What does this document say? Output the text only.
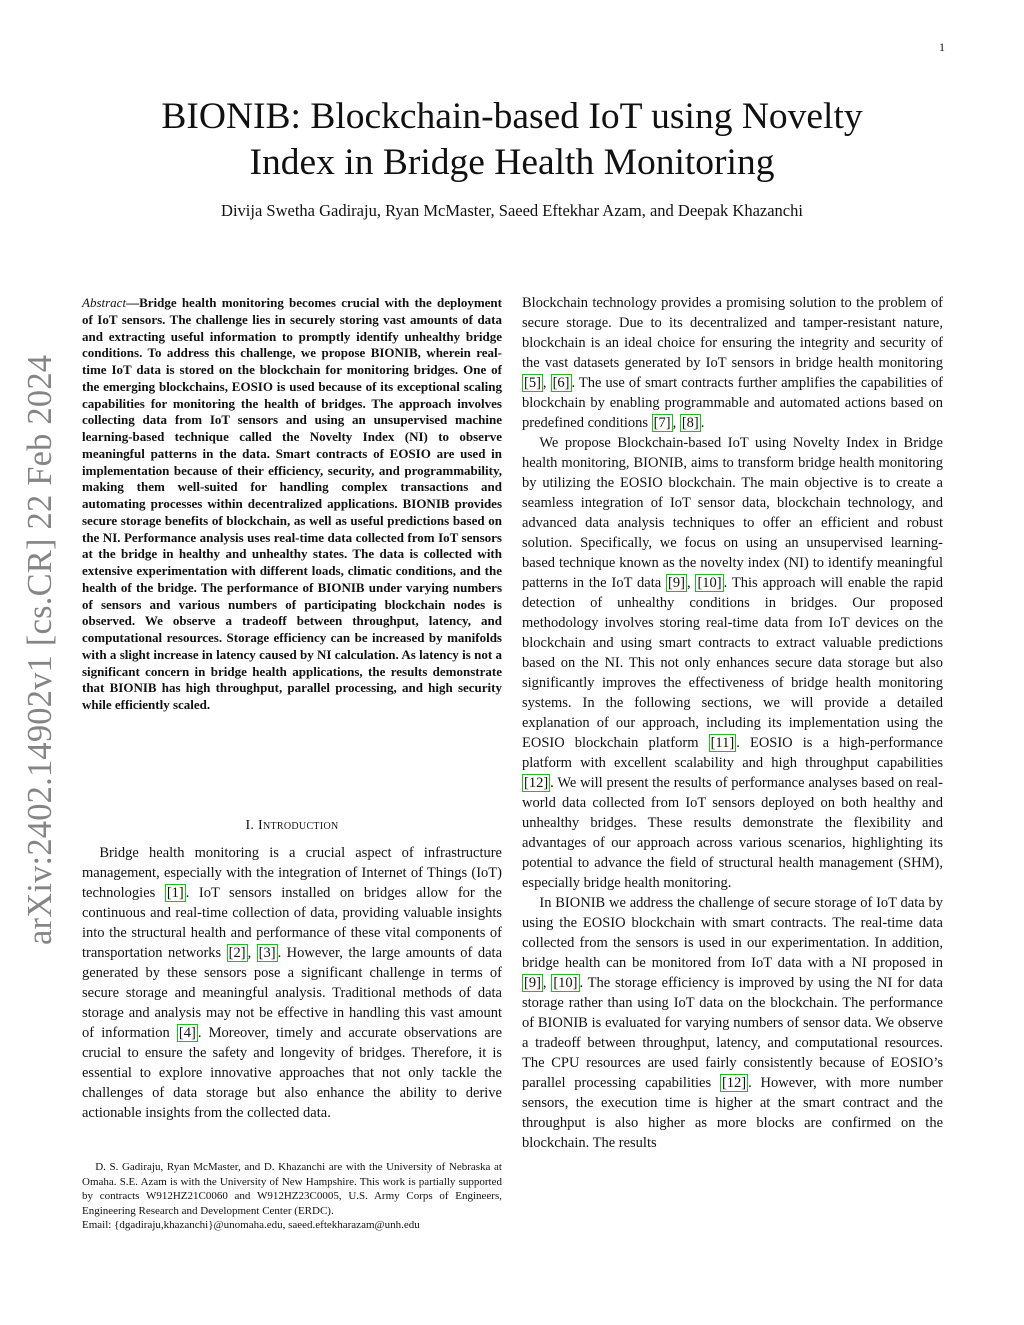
1
arXiv:2402.14902v1 [cs.CR] 22 Feb 2024
BIONIB: Blockchain-based IoT using Novelty
Index in Bridge Health Monitoring
Divija Swetha Gadiraju, Ryan McMaster, Saeed Eftekhar Azam, and Deepak Khazanchi
Abstract—Bridge health monitoring becomes crucial with the deployment of IoT sensors. The challenge lies in securely storing vast amounts of data and extracting useful information to promptly identify unhealthy bridge conditions. To address this challenge, we propose BIONIB, wherein real-time IoT data is stored on the blockchain for monitoring bridges. One of the emerging blockchains, EOSIO is used because of its exceptional scaling capabilities for monitoring the health of bridges. The approach involves collecting data from IoT sensors and using an unsupervised machine learning-based technique called the Novelty Index (NI) to observe meaningful patterns in the data. Smart contracts of EOSIO are used in implementation because of their efficiency, security, and programmability, making them well-suited for handling complex transactions and automating processes within decentralized applications. BIONIB provides secure storage benefits of blockchain, as well as useful predictions based on the NI. Performance analysis uses real-time data collected from IoT sensors at the bridge in healthy and unhealthy states. The data is collected with extensive experimentation with different loads, climatic conditions, and the health of the bridge. The performance of BIONIB under varying numbers of sensors and various numbers of participating blockchain nodes is observed. We observe a tradeoff between throughput, latency, and computational resources. Storage efficiency can be increased by manifolds with a slight increase in latency caused by NI calculation. As latency is not a significant concern in bridge health applications, the results demonstrate that BIONIB has high throughput, parallel processing, and high security while efficiently scaled.
I. Introduction

Bridge health monitoring is a crucial aspect of infrastructure management, especially with the integration of Internet of Things (IoT) technologies [1] . IoT sensors installed on bridges allow for the continuous and real-time collection of data, providing valuable insights into the structural health and performance of these vital components of transportation networks [2] , [3] . However, the large amounts of data generated by these sensors pose a significant challenge in terms of secure storage and meaningful analysis. Traditional methods of data storage and analysis may not be effective in handling this vast amount of information [4] . Moreover, timely and accurate observations are crucial to ensure the safety and longevity of bridges. Therefore, it is essential to explore innovative approaches that not only tackle the challenges of data storage but also enhance the ability to derive actionable insights from the collected data.

D. S. Gadiraju, Ryan McMaster, and D. Khazanchi are with the University of Nebraska at Omaha. S.E. Azam is with the University of New Hampshire. This work is partially supported by contracts W912HZ21C0060 and W912HZ23C0005, U.S. Army Corps of Engineers, Engineering Research and Development Center (ERDC).

Email: {dgadiraju,khazanchi}@unomaha.edu, saeed.eftekharazam@unh.edu

Blockchain technology provides a promising solution to the problem of secure storage. Due to its decentralized and tamper-resistant nature, blockchain is an ideal choice for ensuring the integrity and security of the vast datasets generated by IoT sensors in bridge health monitoring [5] , [6] . The use of smart contracts further amplifies the capabilities of blockchain by enabling programmable and automated actions based on predefined conditions [7] , [8] .

We propose Blockchain-based IoT using Novelty Index in Bridge health monitoring, BIONIB, aims to transform bridge health monitoring by utilizing the EOSIO blockchain. The main objective is to create a seamless integration of IoT sensor data, blockchain technology, and advanced data analysis techniques to offer an efficient and robust solution. Specifically, we focus on using an unsupervised learning-based technique known as the novelty index (NI) to identify meaningful patterns in the IoT data [9] , [10] . This approach will enable the rapid detection of unhealthy conditions in bridges. Our proposed methodology involves storing real-time data from IoT devices on the blockchain and using smart contracts to extract valuable predictions based on the NI. This not only enhances secure data storage but also significantly improves the effectiveness of bridge health monitoring systems. In the following sections, we will provide a detailed explanation of our approach, including its implementation using the EOSIO blockchain platform [11] . EOSIO is a high-performance platform with excellent scalability and high throughput capabilities [12] . We will present the results of performance analyses based on real-world data collected from IoT sensors deployed on both healthy and unhealthy bridges. These results demonstrate the flexibility and advantages of our approach across various scenarios, highlighting its potential to advance the field of structural health management (SHM), especially bridge health monitoring.

In BIONIB we address the challenge of secure storage of IoT data by using the EOSIO blockchain with smart contracts. The real-time data collected from the sensors is used in our experimentation. In addition, bridge health can be monitored from IoT data with a NI proposed in [9] , [10] . The storage efficiency is improved by using the NI for data storage rather than using IoT data on the blockchain. The performance of BIONIB is evaluated for varying numbers of sensor data. We observe a tradeoff between throughput, latency, and computational resources. The CPU resources are used fairly consistently because of EOSIO’s parallel processing capabilities [12] . However, with more number sensors, the execution time is higher at the smart contract and the throughput is also higher as more blocks are confirmed on the blockchain. The results
